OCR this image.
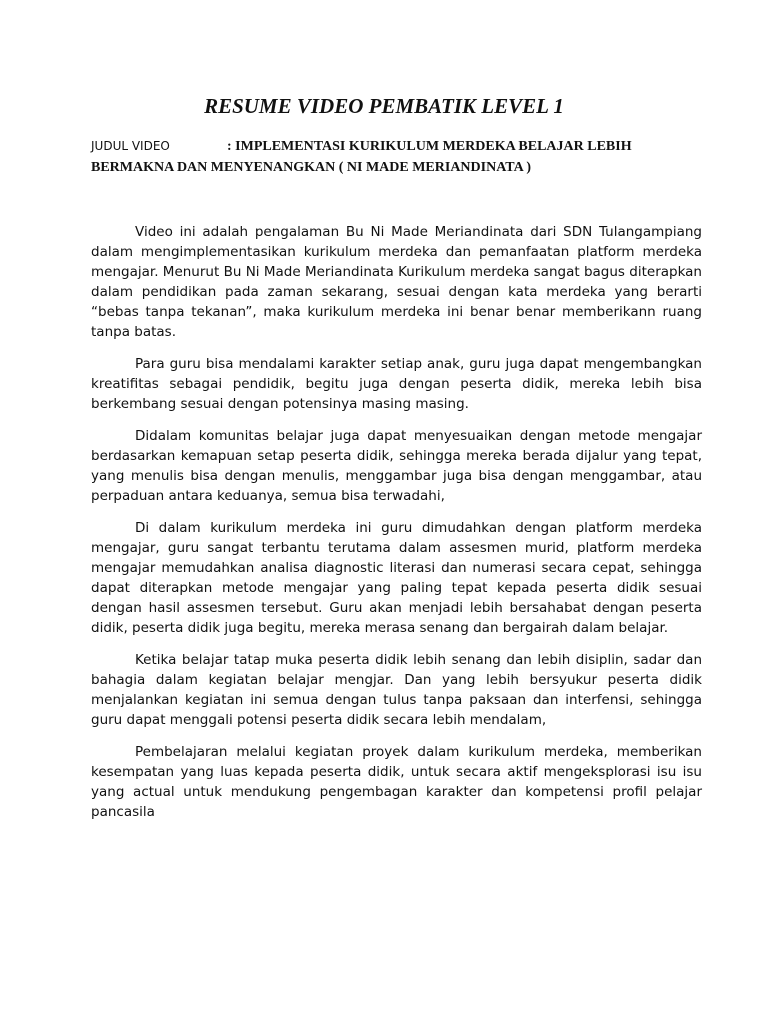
RESUME VIDEO PEMBATIK LEVEL 1
JUDUL VIDEO	: IMPLEMENTASI KURIKULUM MERDEKA BELAJAR LEBIH BERMAKNA DAN MENYENANGKAN ( NI MADE MERIANDINATA )

Video ini adalah pengalaman Bu Ni Made Meriandinata dari SDN Tulangampiang dalam mengimplementasikan kurikulum merdeka dan pemanfaatan platform merdeka mengajar. Menurut Bu Ni Made Meriandinata Kurikulum merdeka sangat bagus diterapkan dalam pendidikan pada zaman sekarang, sesuai dengan kata merdeka yang berarti “bebas tanpa tekanan”, maka kurikulum merdeka ini benar benar memberikann ruang tanpa batas.

Para guru bisa mendalami karakter setiap anak, guru juga dapat mengembangkan kreatifitas sebagai pendidik, begitu juga dengan peserta didik, mereka lebih bisa berkembang sesuai dengan potensinya masing masing.

Didalam komunitas belajar juga dapat menyesuaikan dengan metode mengajar berdasarkan kemapuan setap peserta didik, sehingga mereka berada dijalur yang tepat, yang menulis bisa dengan menulis, menggambar juga bisa dengan menggambar, atau perpaduan antara keduanya, semua bisa terwadahi,

Di dalam kurikulum merdeka ini guru dimudahkan dengan platform merdeka mengajar, guru sangat terbantu terutama dalam assesmen murid, platform merdeka mengajar memudahkan analisa diagnostic literasi dan numerasi secara cepat, sehingga dapat diterapkan metode mengajar yang paling tepat kepada peserta didik sesuai dengan hasil assesmen tersebut. Guru akan menjadi lebih bersahabat dengan peserta didik, peserta didik juga begitu, mereka merasa senang dan bergairah dalam belajar.

Ketika belajar tatap muka peserta didik lebih senang dan lebih disiplin, sadar dan bahagia dalam kegiatan belajar mengjar. Dan yang lebih bersyukur peserta didik menjalankan kegiatan ini semua dengan tulus tanpa paksaan dan interfensi, sehingga guru dapat menggali potensi peserta didik secara lebih mendalam,

Pembelajaran melalui kegiatan proyek dalam kurikulum merdeka, memberikan kesempatan yang luas kepada peserta didik, untuk secara aktif mengeksplorasi isu isu yang actual untuk mendukung pengembagan karakter dan kompetensi profil pelajar pancasila
